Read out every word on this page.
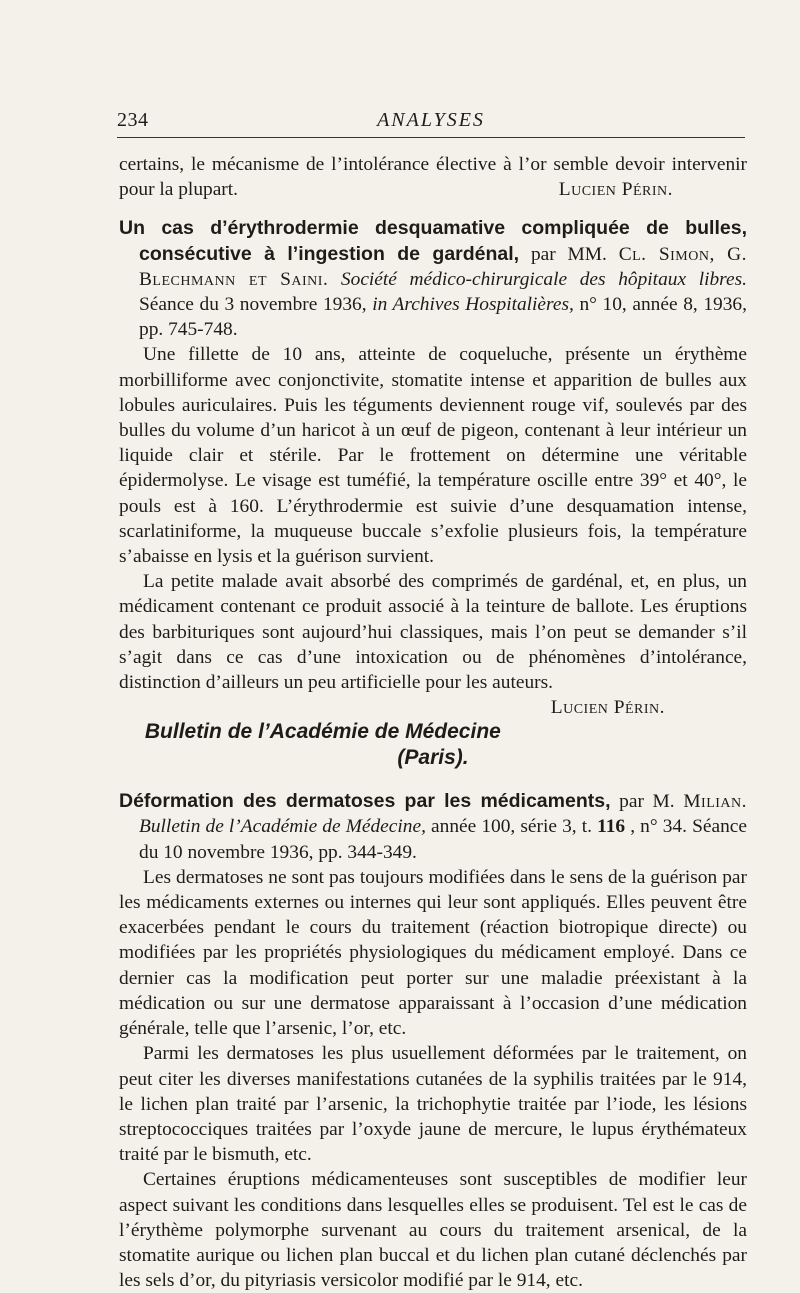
234	ANALYSES

certains, le mécanisme de l’intolérance élective à l’or semble devoir intervenir pour la plupart.	Lucien Périn.

Un cas d’érythrodermie desquamative compliquée de bulles, consécutive à l’ingestion de gardénal, par MM. Cl. Simon, G. Blechmann et Saini. Société médico-chirurgicale des hôpitaux libres. Séance du 3 novembre 1936, in Archives Hospitalières, n° 10, année 8, 1936, pp. 745-748.

Une fillette de 10 ans, atteinte de coqueluche, présente un érythème morbilliforme avec conjonctivite, stomatite intense et apparition de bulles aux lobules auriculaires. Puis les téguments deviennent rouge vif, soulevés par des bulles du volume d’un haricot à un œuf de pigeon, contenant à leur intérieur un liquide clair et stérile. Par le frottement on détermine une véritable épidermolyse. Le visage est tuméfié, la température oscille entre 39° et 40°, le pouls est à 160. L’érythrodermie est suivie d’une desquamation intense, scarlatiniforme, la muqueuse buccale s’exfolie plusieurs fois, la température s’abaisse en lysis et la guérison survient.

La petite malade avait absorbé des comprimés de gardénal, et, en plus, un médicament contenant ce produit associé à la teinture de ballote. Les éruptions des barbituriques sont aujourd’hui classiques, mais l’on peut se demander s’il s’agit dans ce cas d’une intoxication ou de phénomènes d’intolérance, distinction d’ailleurs un peu artificielle pour les auteurs.
Lucien Périn.

Bulletin de l’Académie de Médecine (Paris).

Déformation des dermatoses par les médicaments, par M. Milian. Bulletin de l’Académie de Médecine, année 100, série 3, t. 116 , n° 34. Séance du 10 novembre 1936, pp. 344-349.

Les dermatoses ne sont pas toujours modifiées dans le sens de la guérison par les médicaments externes ou internes qui leur sont appliqués. Elles peuvent être exacerbées pendant le cours du traitement (réaction biotropique directe) ou modifiées par les propriétés physiologiques du médicament employé. Dans ce dernier cas la modification peut porter sur une maladie préexistant à la médication ou sur une dermatose apparaissant à l’occasion d’une médication générale, telle que l’arsenic, l’or, etc.

Parmi les dermatoses les plus usuellement déformées par le traitement, on peut citer les diverses manifestations cutanées de la syphilis traitées par le 914, le lichen plan traité par l’arsenic, la trichophytie traitée par l’iode, les lésions streptococciques traitées par l’oxyde jaune de mercure, le lupus érythémateux traité par le bismuth, etc.

Certaines éruptions médicamenteuses sont susceptibles de modifier leur aspect suivant les conditions dans lesquelles elles se produisent. Tel est le cas de l’érythème polymorphe survenant au cours du traitement arsenical, de la stomatite aurique ou lichen plan buccal et du lichen plan cutané déclenchés par les sels d’or, du pityriasis versicolor modifié par le 914, etc.
